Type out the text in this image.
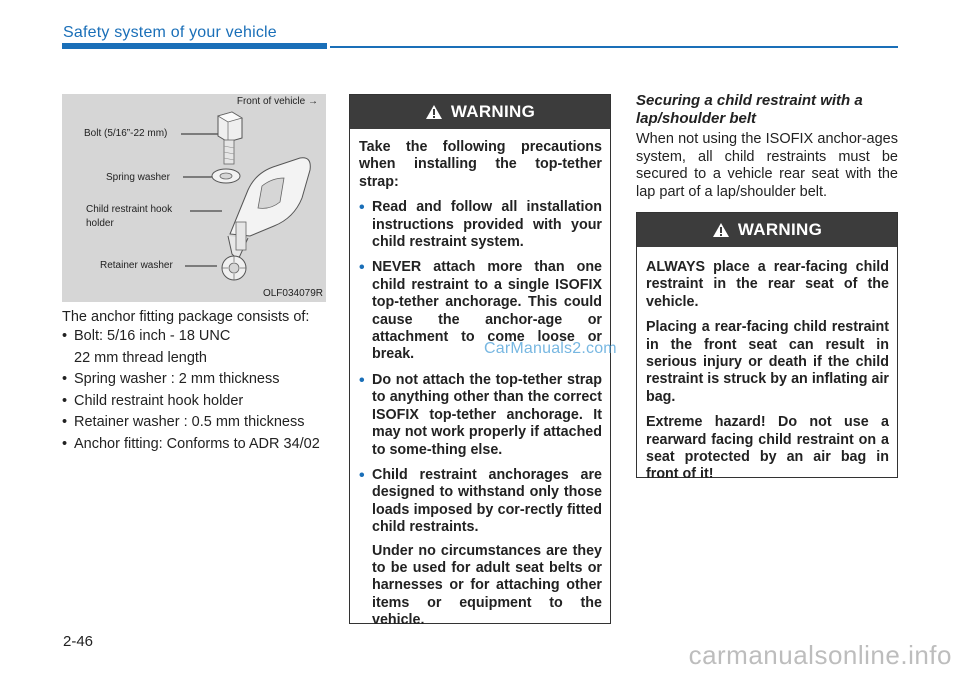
Safety system of your vehicle
Front of vehicle →
Bolt (5/16”-22 mm)
Spring washer
Child restraint hook
holder
Retainer washer
OLF034079R
The anchor fitting package consists of:
• Bolt: 5/16 inch - 18 UNC
22 mm thread length
• Spring washer : 2 mm thickness
• Child restraint hook holder
• Retainer washer : 0.5 mm thickness
• Anchor fitting: Conforms to ADR 34/02
WARNING

Take the following precautions when installing the top-tether strap:

• Read and follow all installation instructions provided with your child restraint system.
• NEVER attach more than one child restraint to a single ISOFIX top-tether anchorage. This could cause the anchor-age or attachment to come loose or break.
• Do not attach the top-tether strap to anything other than the correct ISOFIX top-tether anchorage. It may not work properly if attached to some-thing else.
• Child restraint anchorages are designed to withstand only those loads imposed by cor-rectly fitted child restraints.

Under no circumstances are they to be used for adult seat belts or harnesses or for attaching other items or equipment to the vehicle.

Securing a child restraint with a lap/shoulder belt

When not using the ISOFIX anchor-ages system, all child restraints must be secured to a vehicle rear seat with the lap part of a lap/shoulder belt.

WARNING

ALWAYS place a rear-facing child restraint in the rear seat of the vehicle.

Placing a rear-facing child restraint in the front seat can result in serious injury or death if the child restraint is struck by an inflating air bag.

Extreme hazard! Do not use a rearward facing child restraint on a seat protected by an air bag in front of it!

2-46
CarManuals2.com
carmanualsonline.info
